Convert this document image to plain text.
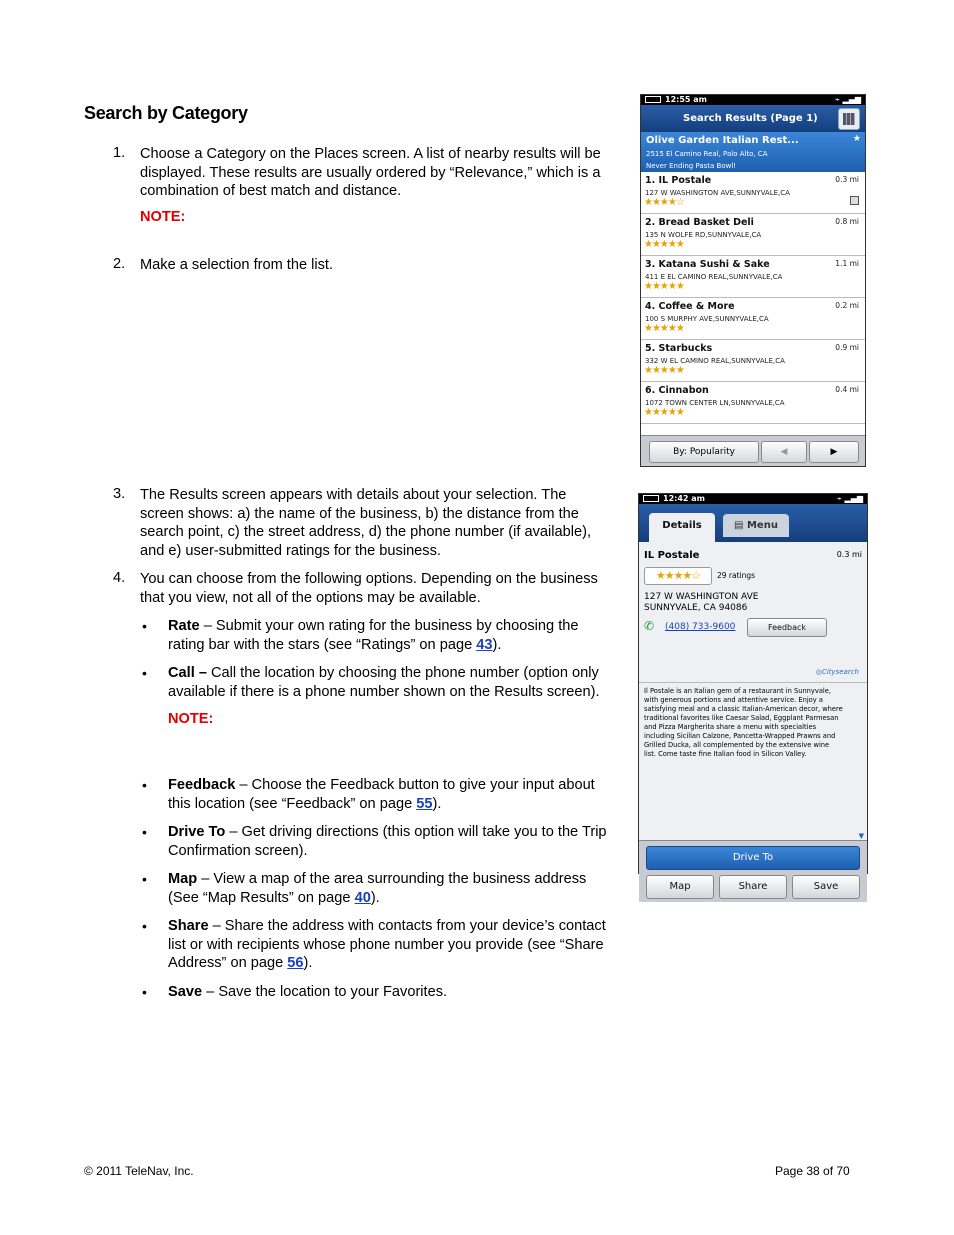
Search by Category
1. Choose a Category on the Places screen. A list of nearby results will be
displayed. These results are usually ordered by “Relevance,” which is a
combination of best match and distance.
NOTE:
2. Make a selection from the list.
3. The Results screen appears with details about your selection. The
screen shows: a) the name of the business, b) the distance from the
search point, c) the street address, d) the phone number (if available),
and e) user-submitted ratings for the business.
4. You can choose from the following options. Depending on the business
that you view, not all of the options may be available.
• Rate – Submit your own rating for the business by choosing the
rating bar with the stars (see “Ratings” on page 43).
• Call – Call the location by choosing the phone number (option only
available if there is a phone number shown on the Results screen).
NOTE:
• Feedback – Choose the Feedback button to give your input about
this location (see “Feedback” on page 55).
• Drive To – Get driving directions (this option will take you to the Trip
Confirmation screen).
• Map – View a map of the area surrounding the business address
(See “Map Results” on page 40).
• Share – Share the address with contacts from your device’s contact
list or with recipients whose phone number you provide (see “Share
Address” on page 56).
• Save – Save the location to your Favorites.
© 2011 TeleNav, Inc.	Page 38 of 70
12:55 am	⌁ ▂▄▆
Search Results (Page 1)
Olive Garden Italian Rest...
2515 El Camino Real, Palo Alto, CA
Never Ending Pasta Bowl!
★
1. IL Postale
127 W WASHINGTON AVE,SUNNYVALE,CA
0.3 mi
★★★★☆
2. Bread Basket Deli
135 N WOLFE RD,SUNNYVALE,CA
0.8 mi
★★★★★
3. Katana Sushi & Sake
411 E EL CAMINO REAL,SUNNYVALE,CA
1.1 mi
★★★★★
4. Coffee & More
100 S MURPHY AVE,SUNNYVALE,CA
0.2 mi
★★★★★
5. Starbucks
332 W EL CAMINO REAL,SUNNYVALE,CA
0.9 mi
★★★★★
6. Cinnabon
1072 TOWN CENTER LN,SUNNYVALE,CA
0.4 mi
★★★★★
By: Popularity	◀	▶
12:42 am	⌁ ▂▄▆
Details	▤ Menu
IL Postale	0.3 mi
★★★★☆	29 ratings
127 W WASHINGTON AVE
SUNNYVALE, CA 94086
✆ (408) 733-9600	Feedback
◎Citysearch
Il Postale is an Italian gem of a restaurant in Sunnyvale,
with generous portions and attentive service. Enjoy a
satisfying meal and a classic Italian-American decor, where
traditional favorites like Caesar Salad, Eggplant Parmesan
and Pizza Margherita share a menu with specialties
including Sicilian Calzone, Pancetta-Wrapped Prawns and
Grilled Ducka, all complemented by the extensive wine
list. Come taste fine Italian food in Silicon Valley.
▼
Drive To
Map	Share	Save
